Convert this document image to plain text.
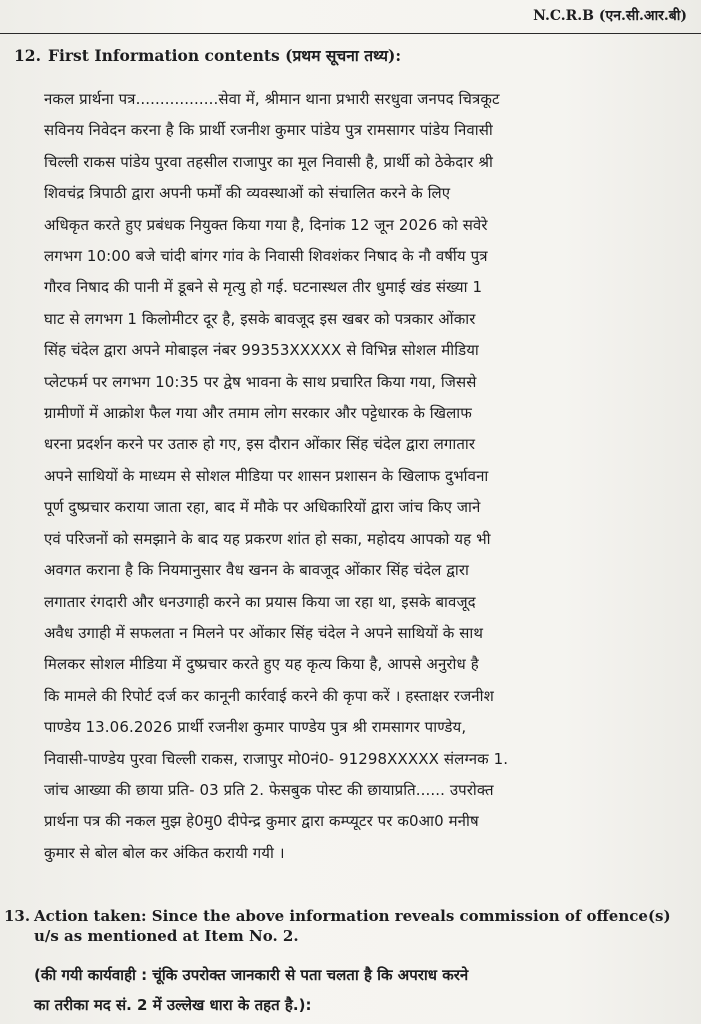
N.C.R.B (एन.सी.आर.बी)
12. First Information contents (प्रथम सूचना तथ्य):
नकल प्रार्थना पत्र.................सेवा में, श्रीमान थाना प्रभारी सरधुवा जनपद चित्रकूट
सविनय निवेदन करना है कि प्रार्थी रजनीश कुमार पांडेय पुत्र रामसागर पांडेय निवासी
चिल्ली राकस पांडेय पुरवा तहसील राजापुर का मूल निवासी है, प्रार्थी को ठेकेदार श्री
शिवचंद्र त्रिपाठी द्वारा अपनी फर्मों की व्यवस्थाओं को संचालित करने के लिए
अधिकृत करते हुए प्रबंधक नियुक्त किया गया है, दिनांक 12 जून 2026 को सवेरे
लगभग 10:00 बजे चांदी बांगर गांव के निवासी शिवशंकर निषाद के नौ वर्षीय पुत्र
गौरव निषाद की पानी में डूबने से मृत्यु हो गई. घटनास्थल तीर धुमाई खंड संख्या 1
घाट से लगभग 1 किलोमीटर दूर है, इसके बावजूद इस खबर को पत्रकार ओंकार
सिंह चंदेल द्वारा अपने मोबाइल नंबर 99353XXXXX से विभिन्न सोशल मीडिया
प्लेटफर्म पर लगभग 10:35 पर द्वेष भावना के साथ प्रचारित किया गया, जिससे
ग्रामीणों में आक्रोश फैल गया और तमाम लोग सरकार और पट्टेधारक के खिलाफ
धरना प्रदर्शन करने पर उतारु हो गए, इस दौरान ओंकार सिंह चंदेल द्वारा लगातार
अपने साथियों के माध्यम से सोशल मीडिया पर शासन प्रशासन के खिलाफ दुर्भावना
पूर्ण दुष्प्रचार कराया जाता रहा, बाद में मौके पर अधिकारियों द्वारा जांच किए जाने
एवं परिजनों को समझाने के बाद यह प्रकरण शांत हो सका, महोदय आपको यह भी
अवगत कराना है कि नियमानुसार वैध खनन के बावजूद ओंकार सिंह चंदेल द्वारा
लगातार रंगदारी और धनउगाही करने का प्रयास किया जा रहा था, इसके बावजूद
अवैध उगाही में सफलता न मिलने पर ओंकार सिंह चंदेल ने अपने साथियों के साथ
मिलकर सोशल मीडिया में दुष्प्रचार करते हुए यह कृत्य किया है, आपसे अनुरोध है
कि मामले की रिपोर्ट दर्ज कर कानूनी कार्रवाई करने की कृपा करें । हस्ताक्षर रजनीश
पाण्डेय 13.06.2026 प्रार्थी रजनीश कुमार पाण्डेय पुत्र श्री रामसागर पाण्डेय,
निवासी-पाण्डेय पुरवा चिल्ली राकस, राजापुर मो0नं0- 91298XXXXX संलग्नक 1.
जांच आख्या की छाया प्रति- 03 प्रति 2. फेसबुक पोस्ट की छायाप्रति...... उपरोक्त
प्रार्थना पत्र की नकल मुझ हे0मु0 दीपेन्द्र कुमार द्वारा कम्प्यूटर पर क0आ0 मनीष
कुमार से बोल बोल कर अंकित करायी गयी ।
13. Action taken: Since the above information reveals commission of offence(s)
u/s as mentioned at Item No. 2.
(की गयी कार्यवाही : चूंकि उपरोक्त जानकारी से पता चलता है कि अपराध करने
का तरीका मद सं. 2 में उल्लेख धारा के तहत है.):
